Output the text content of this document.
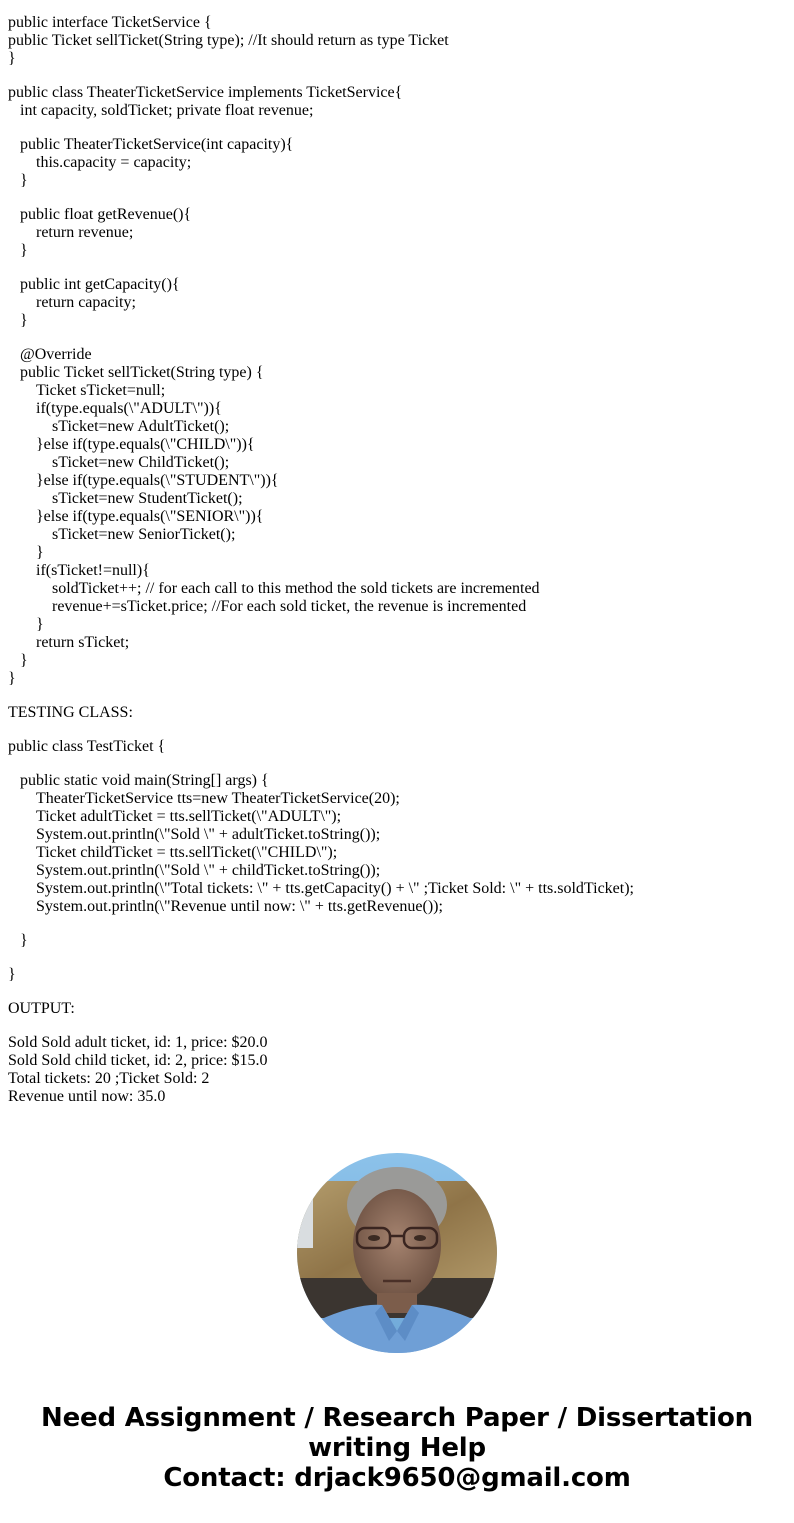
public interface TicketService {
public Ticket sellTicket(String type); //It should return as type Ticket
}
public class TheaterTicketService implements TicketService{
int capacity, soldTicket; private float revenue;
public TheaterTicketService(int capacity){
this.capacity = capacity;
}
public float getRevenue(){
return revenue;
}
public int getCapacity(){
return capacity;
}
@Override
public Ticket sellTicket(String type) {
Ticket sTicket=null;
if(type.equals(\"ADULT\")){
sTicket=new AdultTicket();
}else if(type.equals(\"CHILD\")){
sTicket=new ChildTicket();
}else if(type.equals(\"STUDENT\")){
sTicket=new StudentTicket();
}else if(type.equals(\"SENIOR\")){
sTicket=new SeniorTicket();
}
if(sTicket!=null){
soldTicket++; // for each call to this method the sold tickets are incremented
revenue+=sTicket.price; //For each sold ticket, the revenue is incremented
}
return sTicket;
}
}
TESTING CLASS:
public class TestTicket {
public static void main(String[] args) {
TheaterTicketService tts=new TheaterTicketService(20);
Ticket adultTicket = tts.sellTicket(\"ADULT\");
System.out.println(\"Sold \" + adultTicket.toString());
Ticket childTicket = tts.sellTicket(\"CHILD\");
System.out.println(\"Sold \" + childTicket.toString());
System.out.println(\"Total tickets: \" + tts.getCapacity() + \" ;Ticket Sold: \" + tts.soldTicket);
System.out.println(\"Revenue until now: \" + tts.getRevenue());
}
}
OUTPUT:
Sold Sold adult ticket, id: 1, price: $20.0
Sold Sold child ticket, id: 2, price: $15.0
Total tickets: 20 ;Ticket Sold: 2
Revenue until now: 35.0
Need Assignment / Research Paper / Dissertation
writing Help
Contact: drjack9650@gmail.com
